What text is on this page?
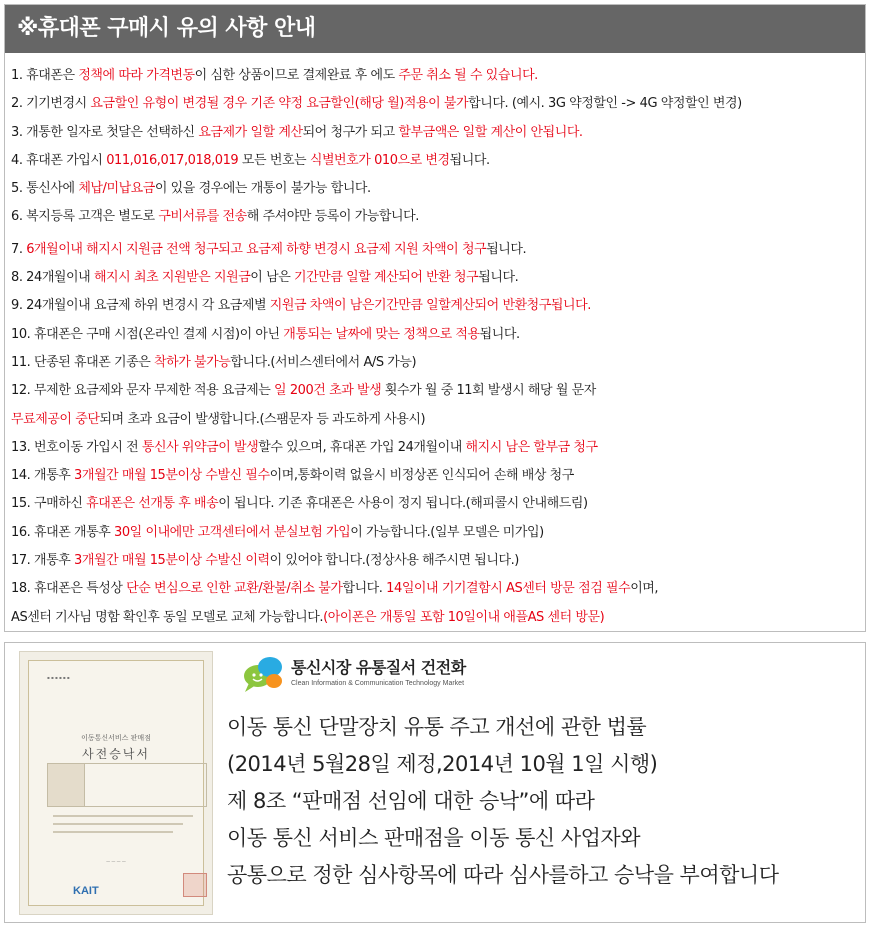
※휴대폰 구매시 유의 사항 안내
1. 휴대폰은 정책에 따라 가격변동이 심한 상품이므로 결제완료 후 에도 주문 취소 될 수 있습니다.
2. 기기변경시 요금할인 유형이 변경될 경우 기존 약정 요금할인(해당 월)적용이 불가합니다. (예시. 3G 약정할인 -> 4G 약정할인 변경)
3. 개통한 일자로 첫달은 선택하신 요금제가 일할 계산되어 청구가 되고 할부금액은 일할 계산이 안됩니다.
4. 휴대폰 가입시 011,016,017,018,019 모든 번호는 식별번호가 010으로 변경됩니다.
5. 통신사에 체납/미납요금이 있을 경우에는 개통이 불가능 합니다.
6. 복지등록 고객은 별도로 구비서류를 전송해 주셔야만 등록이 가능합니다.
7. 6개월이내 해지시 지원금 전액 청구되고 요금제 하향 변경시 요금제 지원 차액이 청구됩니다.
8. 24개월이내 해지시 최초 지원받은 지원금이 남은 기간만큼 일할 계산되어 반환 청구됩니다.
9. 24개월이내 요금제 하위 변경시 각 요금제별 지원금 차액이 남은기간만큼 일할계산되어 반환청구됩니다.
10. 휴대폰은 구매 시점(온라인 결제 시점)이 아닌 개통되는 날짜에 맞는 정책으로 적용됩니다.
11. 단종된 휴대폰 기종은 착하가 불가능합니다.(서비스센터에서 A/S 가능)
12. 무제한 요금제와 문자 무제한 적용 요금제는 일 200건 초과 발생 횟수가 월 중 11회 발생시 해당 월 문자
무료제공이 중단되며 초과 요금이 발생합니다.(스팸문자 등 과도하게 사용시)
13. 번호이동 가입시 전 통신사 위약금이 발생할수 있으며, 휴대폰 가입 24개월이내 해지시 남은 할부금 청구
14. 개통후 3개월간 매월 15분이상 수발신 필수이며,통화이력 없을시 비정상폰 인식되어 손해 배상 청구
15. 구매하신 휴대폰은 선개통 후 배송이 됩니다. 기존 휴대폰은 사용이 정지 됩니다.(해피콜시 안내해드림)
16. 휴대폰 개통후 30일 이내에만 고객센터에서 분실보험 가입이 가능합니다.(일부 모델은 미가입)
17. 개통후 3개월간 매월 15분이상 수발신 이력이 있어야 합니다.(정상사용 해주시면 됩니다.)
18. 휴대폰은 특성상 단순 변심으로 인한 교환/환불/취소 불가합니다. 14일이내 기기결함시 AS센터 방문 점검 필수이며,
AS센터 기사님 명함 확인후 동일 모델로 교체 가능합니다.(아이폰은 개통일 포함 10일이내 애플AS 센터 방문)
▪ ▪ ▪ ▪ ▪ ▪
이동통신서비스 판매점
사전승낙서
— — — —
KAIT
통신시장 유통질서 건전화
Clean Information & Communication Technology Market
이동 통신 단말장치 유통 주고 개선에 관한 법률
(2014년 5월28일 제정,2014년 10월 1일 시행)
제 8조 “판매점 선임에 대한 승낙”에 따라
이동 통신 서비스 판매점을 이동 통신 사업자와
공통으로 정한 심사항목에 따라 심사를하고 승낙을 부여합니다
